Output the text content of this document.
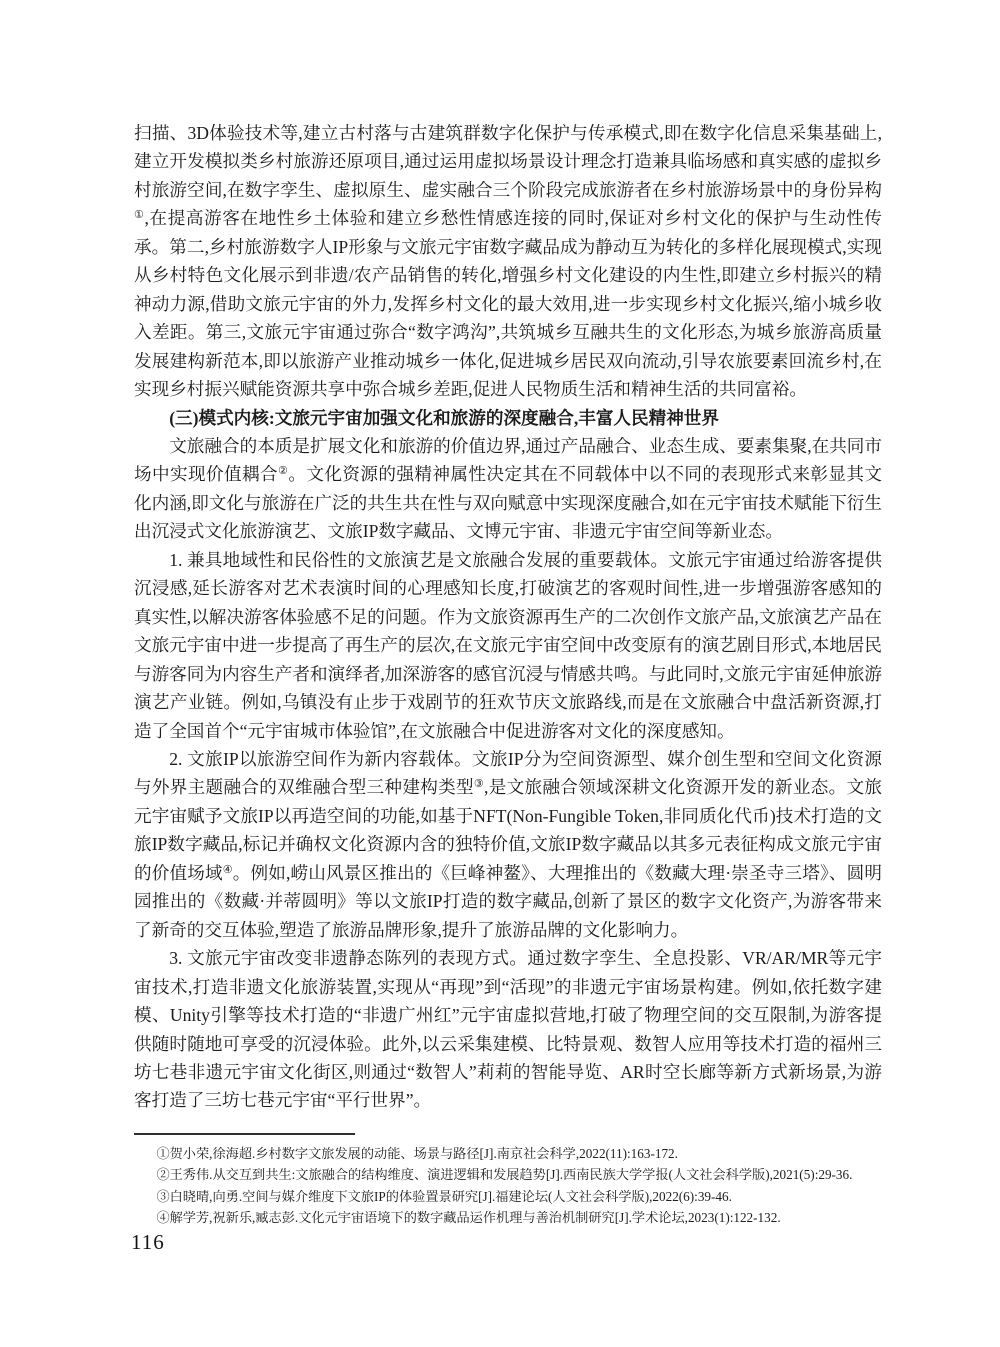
扫描、3D体验技术等,建立古村落与古建筑群数字化保护与传承模式,即在数字化信息采集基础上,建立开发模拟类乡村旅游还原项目,通过运用虚拟场景设计理念打造兼具临场感和真实感的虚拟乡村旅游空间,在数字孪生、虚拟原生、虚实融合三个阶段完成旅游者在乡村旅游场景中的身份异构①,在提高游客在地性乡土体验和建立乡愁性情感连接的同时,保证对乡村文化的保护与生动性传承。第二,乡村旅游数字人IP形象与文旅元宇宙数字藏品成为静动互为转化的多样化展现模式,实现从乡村特色文化展示到非遗/农产品销售的转化,增强乡村文化建设的内生性,即建立乡村振兴的精神动力源,借助文旅元宇宙的外力,发挥乡村文化的最大效用,进一步实现乡村文化振兴,缩小城乡收入差距。第三,文旅元宇宙通过弥合“数字鸿沟”,共筑城乡互融共生的文化形态,为城乡旅游高质量发展建构新范本,即以旅游产业推动城乡一体化,促进城乡居民双向流动,引导农旅要素回流乡村,在实现乡村振兴赋能资源共享中弥合城乡差距,促进人民物质生活和精神生活的共同富裕。

(三)模式内核:文旅元宇宙加强文化和旅游的深度融合,丰富人民精神世界

文旅融合的本质是扩展文化和旅游的价值边界,通过产品融合、业态生成、要素集聚,在共同市场中实现价值耦合②。文化资源的强精神属性决定其在不同载体中以不同的表现形式来彰显其文化内涵,即文化与旅游在广泛的共生共在性与双向赋意中实现深度融合,如在元宇宙技术赋能下衍生出沉浸式文化旅游演艺、文旅IP数字藏品、文博元宇宙、非遗元宇宙空间等新业态。

1. 兼具地域性和民俗性的文旅演艺是文旅融合发展的重要载体。文旅元宇宙通过给游客提供沉浸感,延长游客对艺术表演时间的心理感知长度,打破演艺的客观时间性,进一步增强游客感知的真实性,以解决游客体验感不足的问题。作为文旅资源再生产的二次创作文旅产品,文旅演艺产品在文旅元宇宙中进一步提高了再生产的层次,在文旅元宇宙空间中改变原有的演艺剧目形式,本地居民与游客同为内容生产者和演绎者,加深游客的感官沉浸与情感共鸣。与此同时,文旅元宇宙延伸旅游演艺产业链。例如,乌镇没有止步于戏剧节的狂欢节庆文旅路线,而是在文旅融合中盘活新资源,打造了全国首个“元宇宙城市体验馆”,在文旅融合中促进游客对文化的深度感知。

2. 文旅IP以旅游空间作为新内容载体。文旅IP分为空间资源型、媒介创生型和空间文化资源与外界主题融合的双维融合型三种建构类型③,是文旅融合领域深耕文化资源开发的新业态。文旅元宇宙赋予文旅IP以再造空间的功能,如基于NFT(Non-Fungible Token,非同质化代币)技术打造的文旅IP数字藏品,标记并确权文化资源内含的独特价值,文旅IP数字藏品以其多元表征构成文旅元宇宙的价值场域④。例如,崂山风景区推出的《巨峰神鳌》、大理推出的《数藏大理·崇圣寺三塔》、圆明园推出的《数藏·并蒂圆明》等以文旅IP打造的数字藏品,创新了景区的数字文化资产,为游客带来了新奇的交互体验,塑造了旅游品牌形象,提升了旅游品牌的文化影响力。

3. 文旅元宇宙改变非遗静态陈列的表现方式。通过数字孪生、全息投影、VR/AR/MR等元宇宙技术,打造非遗文化旅游装置,实现从“再现”到“活现”的非遗元宇宙场景构建。例如,依托数字建模、Unity引擎等技术打造的“非遗广州红”元宇宙虚拟营地,打破了物理空间的交互限制,为游客提供随时随地可享受的沉浸体验。此外,以云采集建模、比特景观、数智人应用等技术打造的福州三坊七巷非遗元宇宙文化街区,则通过“数智人”莉莉的智能导览、AR时空长廊等新方式新场景,为游客打造了三坊七巷元宇宙“平行世界”。

①贺小荣,徐海超.乡村数字文旅发展的动能、场景与路径[J].南京社会科学,2022(11):163-172.

②王秀伟.从交互到共生:文旅融合的结构维度、演进逻辑和发展趋势[J].西南民族大学学报(人文社会科学版),2021(5):29-36.

③白晓晴,向勇.空间与媒介维度下文旅IP的体验置景研究[J].福建论坛(人文社会科学版),2022(6):39-46.

④解学芳,祝新乐,臧志彭.文化元宇宙语境下的数字藏品运作机理与善治机制研究[J].学术论坛,2023(1):122-132.

116
